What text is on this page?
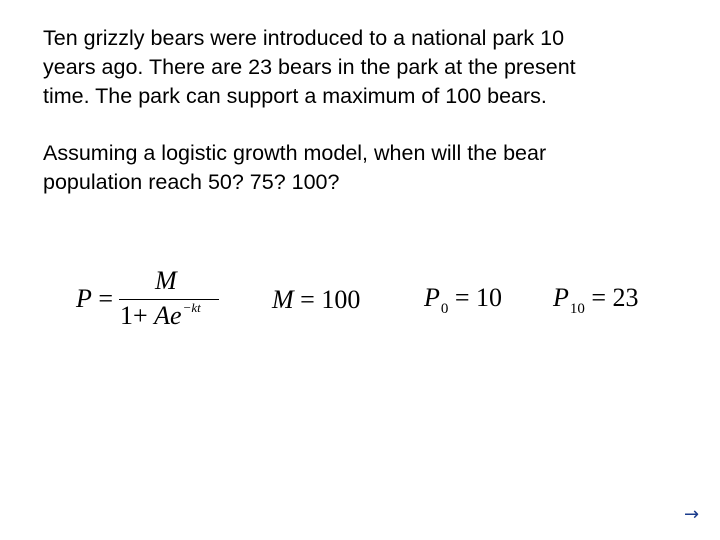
Ten grizzly bears were introduced to a national park 10
years ago. There are 23 bears in the park at the present
time. The park can support a maximum of 100 bears.

Assuming a logistic growth model, when will the bear
population reach 50? 75? 100?

P =
M
$1+ Ae^{-kt}$	M = 100 $P_0 = 10$ $P_{10} = 23$
→
